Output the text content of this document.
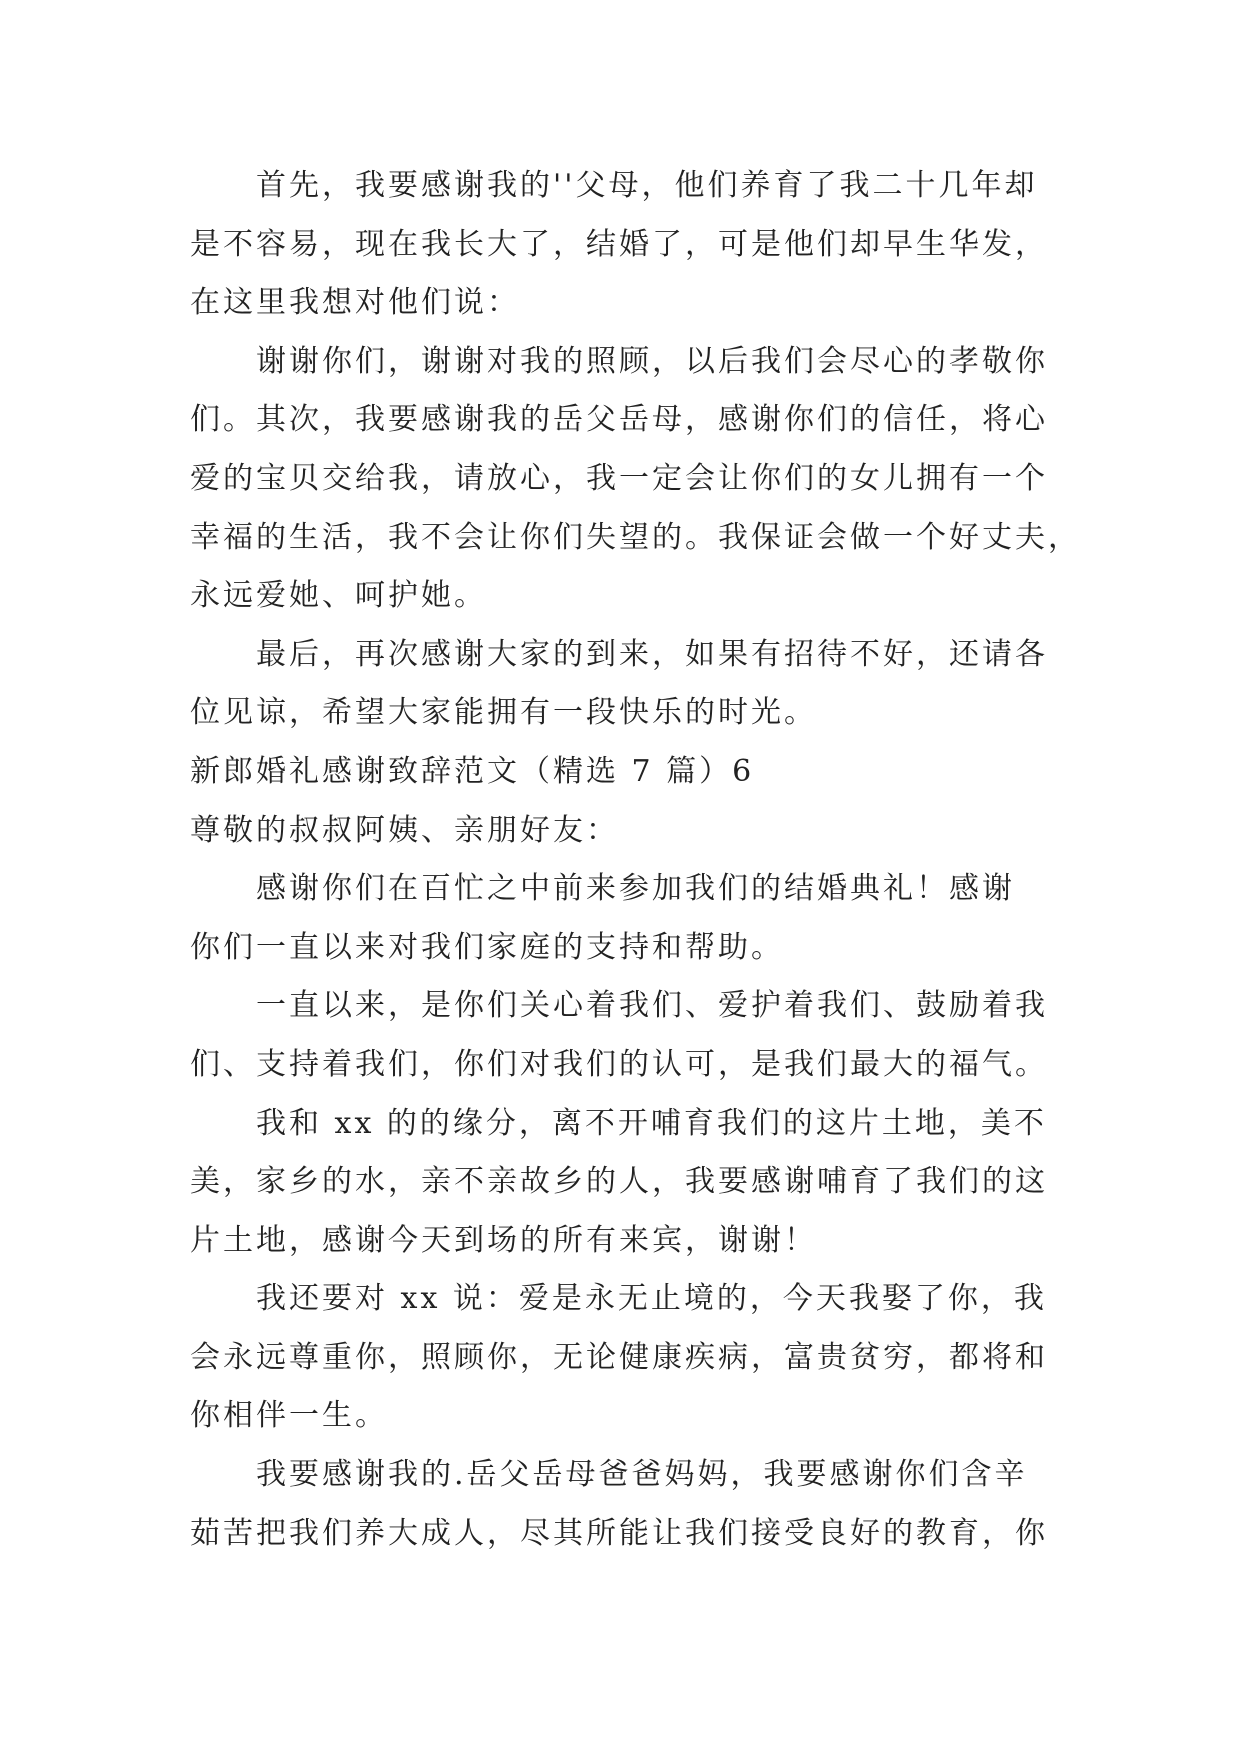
首先，我要感谢我的''父母，他们养育了我二十几年却
是不容易，现在我长大了，结婚了，可是他们却早生华发，
在这里我想对他们说：

谢谢你们，谢谢对我的照顾，以后我们会尽心的孝敬你
们。其次，我要感谢我的岳父岳母，感谢你们的信任，将心
爱的宝贝交给我，请放心，我一定会让你们的女儿拥有一个
幸福的生活，我不会让你们失望的。我保证会做一个好丈夫，
永远爱她、呵护她。

最后，再次感谢大家的到来，如果有招待不好，还请各
位见谅，希望大家能拥有一段快乐的时光。

新郎婚礼感谢致辞范文（精选 7 篇）6

尊敬的叔叔阿姨、亲朋好友：

感谢你们在百忙之中前来参加我们的结婚典礼！感谢
你们一直以来对我们家庭的支持和帮助。

一直以来，是你们关心着我们、爱护着我们、鼓励着我
们、支持着我们，你们对我们的认可，是我们最大的福气。

我和 xx 的的缘分，离不开哺育我们的这片土地，美不
美，家乡的水，亲不亲故乡的人，我要感谢哺育了我们的这
片土地，感谢今天到场的所有来宾，谢谢！

我还要对 xx 说：爱是永无止境的，今天我娶了你，我
会永远尊重你，照顾你，无论健康疾病，富贵贫穷，都将和
你相伴一生。

我要感谢我的.岳父岳母爸爸妈妈，我要感谢你们含辛
茹苦把我们养大成人，尽其所能让我们接受良好的教育，你
